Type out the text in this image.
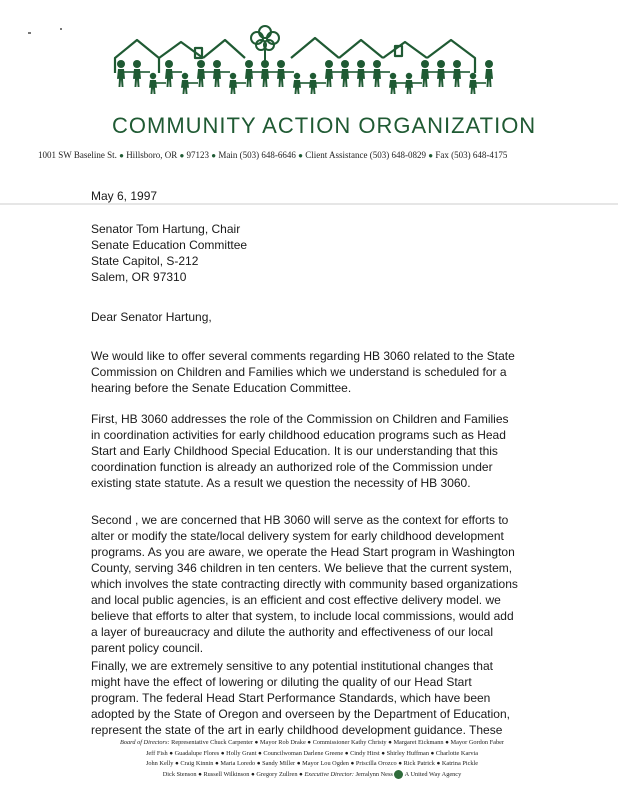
COMMUNITY ACTION ORGANIZATION
1001 SW Baseline St. ● Hillsboro, OR ● 97123 ● Main (503) 648-6646 ● Client Assistance (503) 648-0829 ● Fax (503) 648-4175
May 6, 1997
Senator Tom Hartung, Chair
Senate Education Committee
State Capitol, S-212
Salem, OR 97310
Dear Senator Hartung,
We would like to offer several comments regarding HB 3060 related to the State
Commission on Children and Families which we understand is scheduled for a
hearing before the Senate Education Committee.
First, HB 3060 addresses the role of the Commission on Children and Families
in coordination activities for early childhood education programs such as Head
Start and Early Childhood Special Education. It is our understanding that this
coordination function is already an authorized role of the Commission under
existing state statute. As a result we question the necessity of HB 3060.
Second , we are concerned that HB 3060 will serve as the context for efforts to
alter or modify the state/local delivery system for early childhood development
programs. As you are aware, we operate the Head Start program in Washington
County, serving 346 children in ten centers. We believe that the current system,
which involves the state contracting directly with community based organizations
and local public agencies, is an efficient and cost effective delivery model. we
believe that efforts to alter that system, to include local commissions, would add
a layer of bureaucracy and dilute the authority and effectiveness of our local
parent policy council.
Finally, we are extremely sensitive to any potential institutional changes that
might have the effect of lowering or diluting the quality of our Head Start
program. The federal Head Start Performance Standards, which have been
adopted by the State of Oregon and overseen by the Department of Education,
represent the state of the art in early childhood development guidance. These
Board of Directors: Representative Chuck Carpenter ● Mayor Rob Drake ● Commissioner Kathy Christy ● Margaret Eickmann ● Mayor Gordon Faber
Jeff Fish ● Guadalupe Flores ● Holly Grant ● Councilwoman Darlene Greene ● Cindy Hirst ● Shirley Huffman ● Charlotte Karvia
John Kelly ● Craig Kinnin ● Maria Loredo ● Sandy Miller ● Mayor Lou Ogden ● Priscilla Orozco ● Rick Patrick ● Katrina Pickle
Dick Stenson ● Russell Wilkinson ● Gregory Zullren ● Executive Director: Jerralynn Ness A United Way Agency
